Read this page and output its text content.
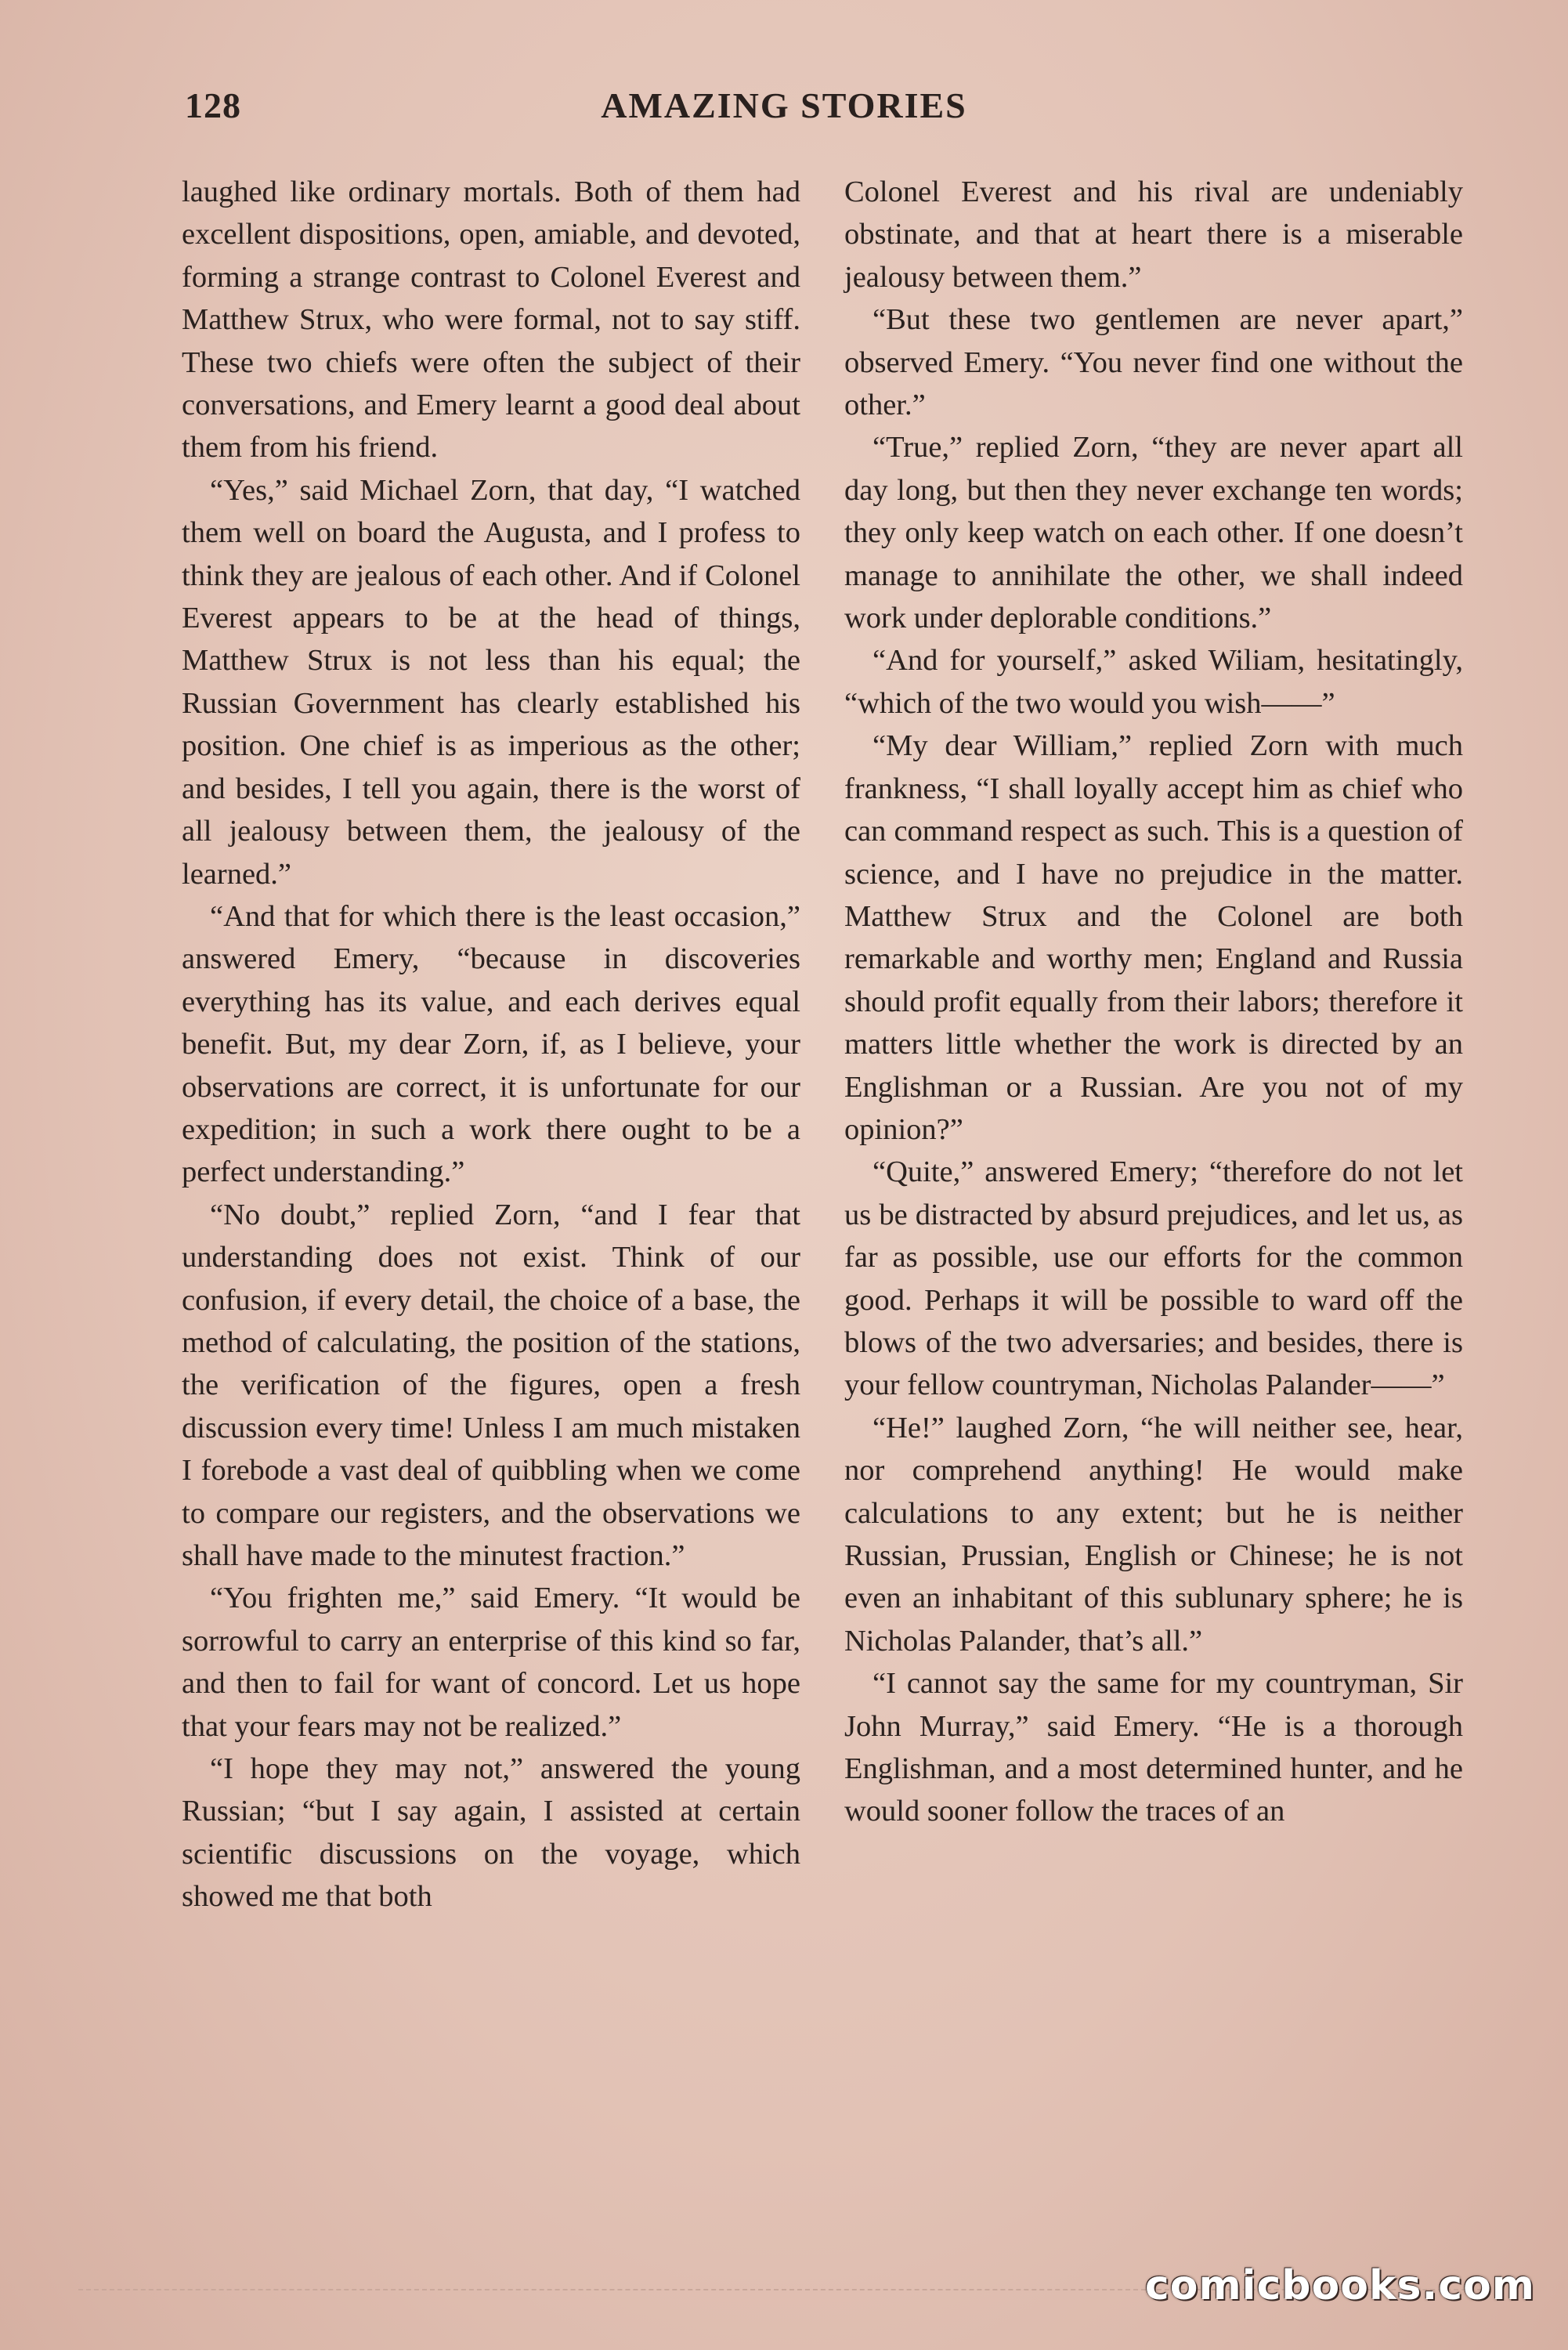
128	AMAZING STORIES

laughed like ordinary mortals. Both of them had excellent dispositions, open, amiable, and devoted, forming a strange contrast to Colonel Everest and Matthew Strux, who were formal, not to say stiff. These two chiefs were often the subject of their conversations, and Emery learnt a good deal about them from his friend.

“Yes,” said Michael Zorn, that day, “I watched them well on board the Augusta, and I profess to think they are jealous of each other. And if Colonel Everest appears to be at the head of things, Matthew Strux is not less than his equal; the Russian Government has clearly established his position. One chief is as imperious as the other; and besides, I tell you again, there is the worst of all jealousy between them, the jealousy of the learned.”

“And that for which there is the least occasion,” answered Emery, “because in discoveries everything has its value, and each derives equal benefit. But, my dear Zorn, if, as I believe, your observations are correct, it is unfortunate for our expedition; in such a work there ought to be a perfect understanding.”

“No doubt,” replied Zorn, “and I fear that understanding does not exist. Think of our confusion, if every detail, the choice of a base, the method of calculating, the position of the stations, the verification of the figures, open a fresh discussion every time! Unless I am much mistaken I forebode a vast deal of quibbling when we come to compare our registers, and the observations we shall have made to the minutest fraction.”

“You frighten me,” said Emery. “It would be sorrowful to carry an enterprise of this kind so far, and then to fail for want of concord. Let us hope that your fears may not be realized.”

“I hope they may not,” answered the young Russian; “but I say again, I assisted at certain scientific discussions on the voyage, which showed me that both

Colonel Everest and his rival are undeniably obstinate, and that at heart there is a miserable jealousy between them.”

“But these two gentlemen are never apart,” observed Emery. “You never find one without the other.”

“True,” replied Zorn, “they are never apart all day long, but then they never exchange ten words; they only keep watch on each other. If one doesn’t manage to annihilate the other, we shall indeed work under deplorable conditions.”

“And for yourself,” asked Wiliam, hesitatingly, “which of the two would you wish——”

“My dear William,” replied Zorn with much frankness, “I shall loyally accept him as chief who can command respect as such. This is a question of science, and I have no prejudice in the matter. Matthew Strux and the Colonel are both remarkable and worthy men; England and Russia should profit equally from their labors; therefore it matters little whether the work is directed by an Englishman or a Russian. Are you not of my opinion?”

“Quite,” answered Emery; “therefore do not let us be distracted by absurd prejudices, and let us, as far as possible, use our efforts for the common good. Perhaps it will be possible to ward off the blows of the two adversaries; and besides, there is your fellow countryman, Nicholas Palander——”

“He!” laughed Zorn, “he will neither see, hear, nor comprehend anything! He would make calculations to any extent; but he is neither Russian, Prussian, English or Chinese; he is not even an inhabitant of this sublunary sphere; he is Nicholas Palander, that’s all.”

“I cannot say the same for my countryman, Sir John Murray,” said Emery. “He is a thorough Englishman, and a most determined hunter, and he would sooner follow the traces of an

comicbooks.com
